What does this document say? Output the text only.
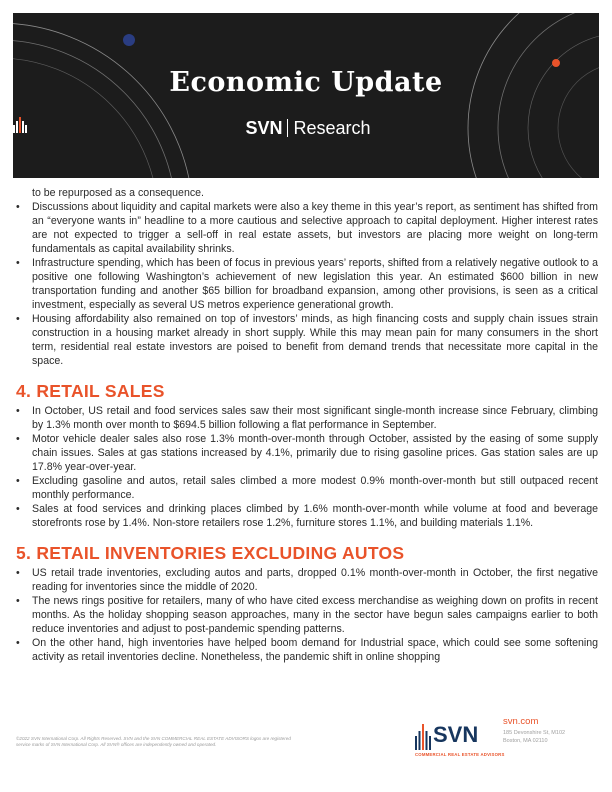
Economic Update
SVN Research
to be repurposed as a consequence.
• Discussions about liquidity and capital markets were also a key theme in this year’s report, as sentiment has shifted from an “everyone wants in” headline to a more cautious and selective approach to capital deployment. Higher interest rates are not expected to trigger a sell-off in real estate assets, but investors are placing more weight on long-term fundamentals as capital availability shrinks.
• Infrastructure spending, which has been of focus in previous years’ reports, shifted from a relatively negative outlook to a positive one following Washington’s achievement of new legislation this year. An estimated $600 billion in new transportation funding and another $65 billion for broadband expansion, among other provisions, is seen as a critical investment, especially as several US metros experience generational growth.
• Housing affordability also remained on top of investors’ minds, as high financing costs and supply chain issues strain construction in a housing market already in short supply. While this may mean pain for many consumers in the short term, residential real estate investors are poised to benefit from demand trends that necessitate more capital in the space.
4. RETAIL SALES
• In October, US retail and food services sales saw their most significant single-month increase since February, climbing by 1.3% month over month to $694.5 billion following a flat performance in September.
• Motor vehicle dealer sales also rose 1.3% month-over-month through October, assisted by the easing of some supply chain issues. Sales at gas stations increased by 4.1%, primarily due to rising gasoline prices. Gas station sales are up 17.8% year-over-year.
• Excluding gasoline and autos, retail sales climbed a more modest 0.9% month-over-month but still outpaced recent monthly performance.
• Sales at food services and drinking places climbed by 1.6% month-over-month while volume at food and beverage storefronts rose by 1.4%. Non-store retailers rose 1.2%, furniture stores 1.1%, and building materials 1.1%.
5. RETAIL INVENTORIES EXCLUDING AUTOS
• US retail trade inventories, excluding autos and parts, dropped 0.1% month-over-month in October, the first negative reading for inventories since the middle of 2020.
• The news rings positive for retailers, many of who have cited excess merchandise as weighing down on profits in recent months. As the holiday shopping season approaches, many in the sector have begun sales campaigns earlier to both reduce inventories and adjust to post-pandemic spending patterns.
• On the other hand, high inventories have helped boom demand for Industrial space, which could see some softening activity as retail inventories decline. Nonetheless, the pandemic shift in online shopping
©2022 SVN International Corp. All Rights Reserved. SVN and the SVN COMMERCIAL REAL ESTATE ADVISORS logos are registered service marks of SVN International Corp. All SVN® offices are independently owned and operated.	SVN
COMMERCIAL REAL ESTATE ADVISORS
svn.com
185 Devonshire St, M102
Boston, MA 02110
